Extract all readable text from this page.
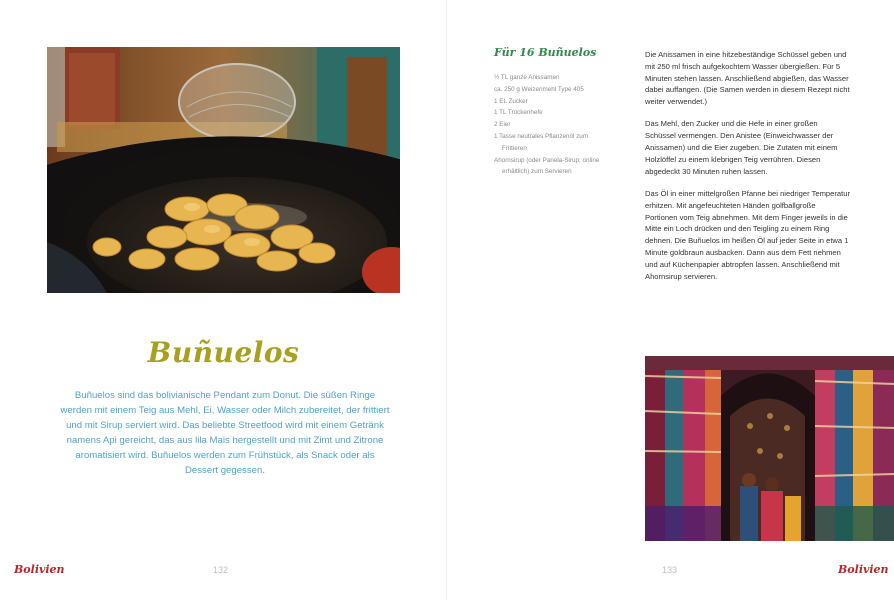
Buñuelos
Buñuelos sind das bolivianische Pendant zum Donut. Die süßen Ringe werden mit einem Teig aus Mehl, Ei, Wasser oder Milch zubereitet, der frittiert und mit Sirup serviert wird. Das beliebte Streetfood wird mit einem Getränk namens Api gereicht, das aus lila Mais hergestellt und mit Zimt und Zitrone aromatisiert wird. Buñuelos werden zum Frühstück, als Snack oder als Dessert gegessen.
Bolivien	132
Für 16 Buñuelos
½ TL ganze Anissamen
ca. 250 g Weizenmehl Type 405
1 EL Zucker
1 TL Trockenhefe
2 Eier
1 Tasse neutrales Pflanzenöl zum Frittieren
Ahornsirup (oder Panela-Sirup; online erhältlich) zum Servieren

Die Anissamen in eine hitzebeständige Schüssel geben und mit 250 ml frisch aufgekochtem Wasser übergießen. Für 5 Minuten stehen lassen. Anschließend abgießen, das Wasser dabei auffangen. (Die Samen werden in diesem Rezept nicht weiter verwendet.)

Das Mehl, den Zucker und die Hefe in einer großen Schüssel vermengen. Den Anistee (Einweichwasser der Anissamen) und die Eier zugeben. Die Zutaten mit einem Holzlöffel zu einem klebrigen Teig verrühren. Diesen abgedeckt 30 Minuten ruhen lassen.

Das Öl in einer mittelgroßen Pfanne bei niedriger Temperatur erhitzen. Mit angefeuchteten Händen golfballgroße Portionen vom Teig abnehmen. Mit dem Finger jeweils in die Mitte ein Loch drücken und den Teigling zu einem Ring dehnen. Die Buñuelos im heißen Öl auf jeder Seite in etwa 1 Minute goldbraun ausbacken. Dann aus dem Fett nehmen und auf Küchenpapier abtropfen lassen. Anschließend mit Ahornsirup servieren.

133	Bolivien
